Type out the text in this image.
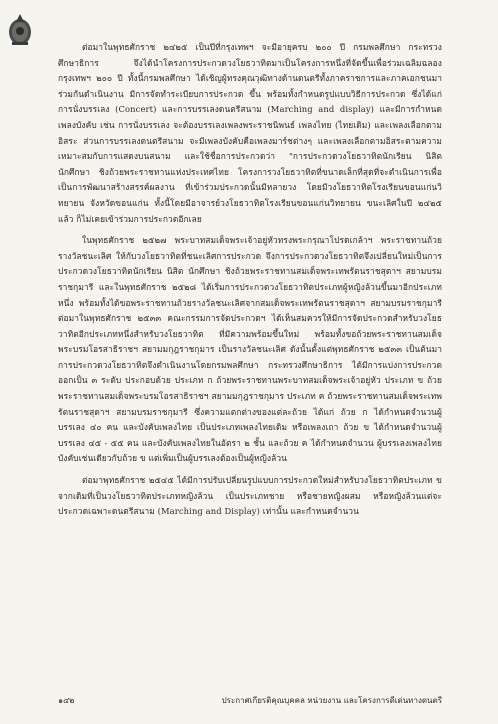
ต่อมาในพุทธศักราช ๒๔๒๕ เป็นปีที่กรุงเทพฯ จะมีอายุครบ ๒๐๐ ปี กรมพลศึกษา กระทรวงศึกษาธิการ จึงได้นำโครงการประกวดวงโยธวาทิตมาเป็นโครงการหนึ่งที่จัดขึ้นเพื่อร่วมเฉลิมฉลองกรุงเทพฯ ๒๐๐ ปี ทั้งนี้กรมพลศึกษา ได้เชิญผู้ทรงคุณวุฒิทางด้านดนตรีทั้งภาคราชการและภาคเอกชนมาร่วมกันดำเนินงาน มีการจัดทำระเบียบการประกวด ขึ้น พร้อมทั้งกำหนดรูปแบบวิธีการประกวด ซึ่งได้แก่ การนั่งบรรเลง (Concert) และการบรรเลงดนตรีสนาม (Marching and display) และมีการกำหนดเพลงบังคับ เช่น การนั่งบรรเลง จะต้องบรรเลงเพลงพระราชนิพนธ์ เพลงไทย (ไทยเดิม) และเพลงเลือกตามอิสระ ส่วนการบรรเลงดนตรีสนาม จะมีเพลงบังคับคือเพลงมาร์ชต่างๆ และเพลงเลือกตามอิสระตามความเหมาะสมกับการแสดงบนสนาม และใช้ชื่อการประกวดว่า "การประกวดวงโยธวาทิตนักเรียน นิสิต นักศึกษา ชิงถ้วยพระราชทานแห่งประเทศไทย โครงการวงโยธวาทิตที่ขนาดเล็กที่สุดที่จะดำเนินการเพื่อเป็นการพัฒนาสร้างสรรค์ผลงาน ที่เข้าร่วมประกวดนั้นมีหลายวง โดยมีวงโยธวาทิตโรงเรียนขอนแก่นวิทยายน จังหวัดขอนแก่น ทั้งนี้โดยมีอาจารย์วงโยธวาทิตโรงเรียนขอนแก่นวิทยายน ขนะเลิศในปี ๒๔๒๕ แล้ว ก็ไม่เคยเข้าร่วมการประกวดอีกเลย

ในพุทธศักราช ๒๕๒๗ พระบาทสมเด็จพระเจ้าอยู่หัวทรงพระกรุณาโปรดเกล้าฯ พระราชทานถ้วยรางวัลชนะเลิศ ให้กับวงโยธวาทิตที่ชนะเลิศการประกวด จึงการประกวดวงโยธวาทิตจึงเปลี่ยนใหม่เป็นการประกวดวงโยธวาทิตนักเรียน นิสิต นักศึกษา ชิงถ้วยพระราชทานสมเด็จพระเทพรัตนราชสุดาฯ สยามบรมราชกุมารี และในพุทธศักราช ๒๕๒๘ ได้เริ่มการประกวดวงโยธวาทิตประเภทผู้หญิงล้วนขึ้นมาอีกประเภทหนึ่ง พร้อมทั้งได้ขอพระราชทานถ้วยรางวัลชนะเลิศจากสมเด็จพระเทพรัตนราชสุดาฯ สยามบรมราชกุมารี ต่อมาในพุทธศักราช ๒๕๓๓ คณะกรรมการจัดประกวดฯ ได้เห็นสมควรให้มีการจัดประกวดสำหรับวงโยธวาทิตอีกประเภทหนึ่งสำหรับวงโยธวาทิต ที่มีความพร้อมขึ้นใหม่ พร้อมทั้งขอถ้วยพระราชทานสมเด็จพระบรมโอรสาธิราชฯ สยามมกุฎราชกุมาร เป็นรางวัลชนะเลิศ ดังนั้นตั้งแต่พุทธศักราช ๒๕๓๓ เป็นต้นมาการประกวดวงโยธวาทิตจึงดำเนินงานโดยกรมพลศึกษา กระทรวงศึกษาธิการ ได้มีการแบ่งการประกวดออกเป็น ๓ ระดับ ประกอบด้วย ประเภท ก ถ้วยพระราชทานพระบาทสมเด็จพระเจ้าอยู่หัว ประเภท ข ถ้วยพระราชทานสมเด็จพระบรมโอรสาธิราชฯ สยามมกุฎราชกุมาร ประเภท ค ถ้วยพระราชทานสมเด็จพระเทพรัตนราชสุดาฯ สยามบรมราชกุมารี ซึ่งความแตกต่างของแต่ละถ้วย ได้แก่ ถ้วย ก ได้กำหนดจำนวนผู้บรรเลง ๔๐ คน และบังคับเพลงไทย เป็นประเภทเพลงไทยเดิม หรือเพลงเถา ถ้วย ข ได้กำหนดจำนวนผู้บรรเลง ๔๕ - ๕๕ คน และบังคับเพลงไทยในอัตรา ๒ ชั้น และถ้วย ค ได้กำหนดจำนวน ผู้บรรเลงเพลงไทยบังคับเช่นเดียวกับถ้วย ข แต่เพิ่มเป็นผู้บรรเลงต้องเป็นผู้หญิงล้วน

ต่อมาพุทธศักราช ๒๕๔๕ ได้มีการปรับเปลี่ยนรูปแบบการประกวดใหม่สำหรับวงโยธวาทิตประเภท ข จากเดิมที่เป็นวงโยธวาทิตประเภทหญิงล้วน เป็นประเภทชาย หรือชายหญิงผสม หรือหญิงล้วนแต่จะประกวดเฉพาะดนตรีสนาม (Marching and Display) เท่านั้น และกำหนดจำนวน

๑๔๒	ประกาศเกียรติคุณบุคคล หน่วยงาน และโครงการดีเด่นทางดนตรี
